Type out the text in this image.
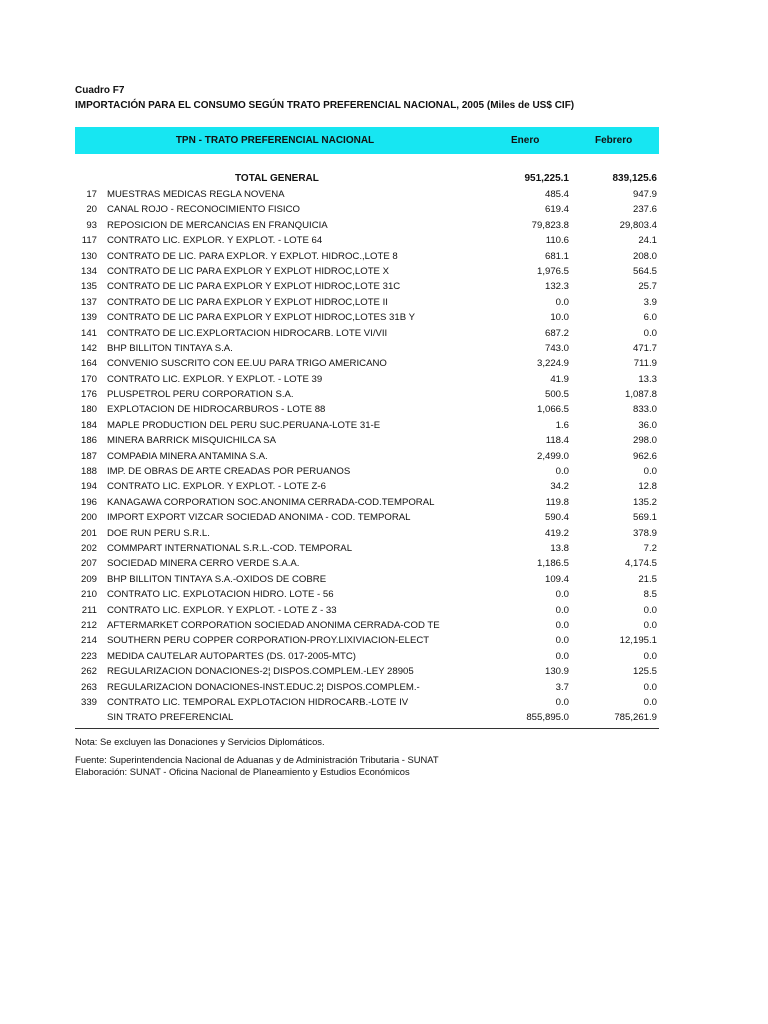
Cuadro F7
IMPORTACIÓN PARA EL CONSUMO SEGÚN TRATO PREFERENCIAL NACIONAL, 2005 (Miles de US$ CIF)
TPN - TRATO PREFERENCIAL NACIONAL	Enero	Febrero
TOTAL GENERAL	951,225.1	839,125.6
17 MUESTRAS MEDICAS REGLA NOVENA	485.4	947.9
20 CANAL ROJO - RECONOCIMIENTO FISICO	619.4	237.6
93 REPOSICION DE MERCANCIAS EN FRANQUICIA	79,823.8	29,803.4
117 CONTRATO LIC. EXPLOR. Y EXPLOT. - LOTE 64	110.6	24.1
130 CONTRATO DE LIC. PARA EXPLOR. Y EXPLOT. HIDROC.,LOTE 8	681.1	208.0
134 CONTRATO DE LIC PARA EXPLOR Y EXPLOT HIDROC,LOTE X	1,976.5	564.5
135 CONTRATO DE LIC PARA EXPLOR Y EXPLOT HIDROC,LOTE 31C	132.3	25.7
137 CONTRATO DE LIC PARA EXPLOR Y EXPLOT HIDROC,LOTE II	0.0	3.9
139 CONTRATO DE LIC PARA EXPLOR Y EXPLOT HIDROC,LOTES 31B Y	10.0	6.0
141 CONTRATO DE LIC.EXPLORTACION HIDROCARB. LOTE VI/VII	687.2	0.0
142 BHP BILLITON TINTAYA S.A.	743.0	471.7
164 CONVENIO SUSCRITO CON EE.UU PARA TRIGO AMERICANO	3,224.9	711.9
170 CONTRATO LIC. EXPLOR. Y EXPLOT. - LOTE 39	41.9	13.3
176 PLUSPETROL PERU CORPORATION S.A.	500.5	1,087.8
180 EXPLOTACION DE HIDROCARBUROS - LOTE 88	1,066.5	833.0
184 MAPLE PRODUCTION DEL PERU SUC.PERUANA-LOTE 31-E	1.6	36.0
186 MINERA BARRICK MISQUICHILCA SA	118.4	298.0
187 COMPAÐIA MINERA ANTAMINA S.A.	2,499.0	962.6
188 IMP. DE OBRAS DE ARTE CREADAS POR PERUANOS	0.0	0.0
194 CONTRATO LIC. EXPLOR. Y EXPLOT. - LOTE Z-6	34.2	12.8
196 KANAGAWA CORPORATION SOC.ANONIMA CERRADA-COD.TEMPORAL	119.8	135.2
200 IMPORT EXPORT VIZCAR SOCIEDAD ANONIMA - COD. TEMPORAL	590.4	569.1
201 DOE RUN PERU S.R.L.	419.2	378.9
202 COMMPART INTERNATIONAL S.R.L.-COD. TEMPORAL	13.8	7.2
207 SOCIEDAD MINERA CERRO VERDE S.A.A.	1,186.5	4,174.5
209 BHP BILLITON TINTAYA S.A.-OXIDOS DE COBRE	109.4	21.5
210 CONTRATO LIC. EXPLOTACION HIDRO. LOTE - 56	0.0	8.5
211 CONTRATO LIC. EXPLOR. Y EXPLOT. - LOTE Z - 33	0.0	0.0
212 AFTERMARKET CORPORATION SOCIEDAD ANONIMA CERRADA-COD TE	0.0	0.0
214 SOUTHERN PERU COPPER CORPORATION-PROY.LIXIVIACION-ELECT	0.0	12,195.1
223 MEDIDA CAUTELAR AUTOPARTES (DS. 017-2005-MTC)	0.0	0.0
262 REGULARIZACION DONACIONES-2¦ DISPOS.COMPLEM.-LEY 28905	130.9	125.5
263 REGULARIZACION DONACIONES-INST.EDUC.2¦ DISPOS.COMPLEM.-	3.7	0.0
339 CONTRATO LIC. TEMPORAL EXPLOTACION HIDROCARB.-LOTE IV	0.0	0.0
SIN TRATO PREFERENCIAL	855,895.0	785,261.9
Nota: Se excluyen las Donaciones y Servicios Diplomáticos.
Fuente: Superintendencia Nacional de Aduanas y de Administración Tributaria - SUNAT
Elaboración: SUNAT - Oficina Nacional de Planeamiento y Estudios Económicos
